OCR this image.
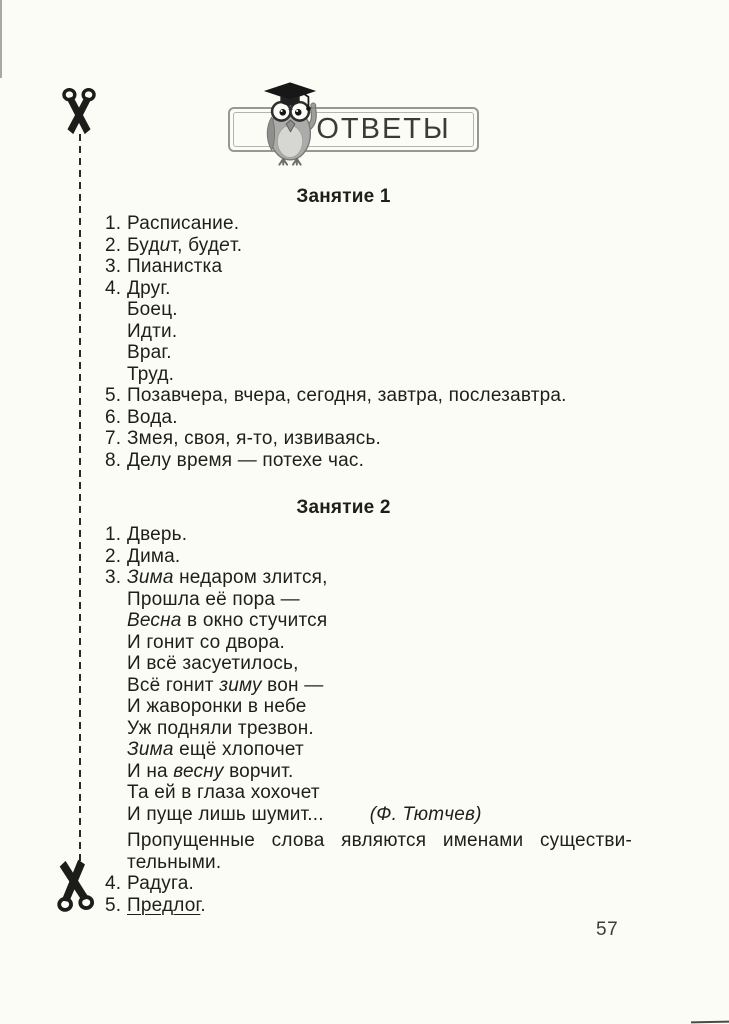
ОТВЕТЫ
Занятие 1
1. Расписание.
2. Будит, будет.
3. Пианистка
4. Друг.
Боец.
Идти.
Враг.
Труд.
5. Позавчера, вчера, сегодня, завтра, послезавтра.
6. Вода.
7. Змея, своя, я-то, извиваясь.
8. Делу время — потехе час.
Занятие 2
1. Дверь.
2. Дима.
3. Зима недаром злится,
Прошла её пора —
Весна в окно стучится
И гонит со двора.
И всё засуетилось,
Всё гонит зиму вон —
И жаворонки в небе
Уж подняли трезвон.
Зима ещё хлопочет
И на весну ворчит.
Та ей в глаза хохочет
И пуще лишь шумит... (Ф. Тютчев)
Пропущенные слова являются именами существи-
тельными.
4. Радуга.
5. Предлог.
57
